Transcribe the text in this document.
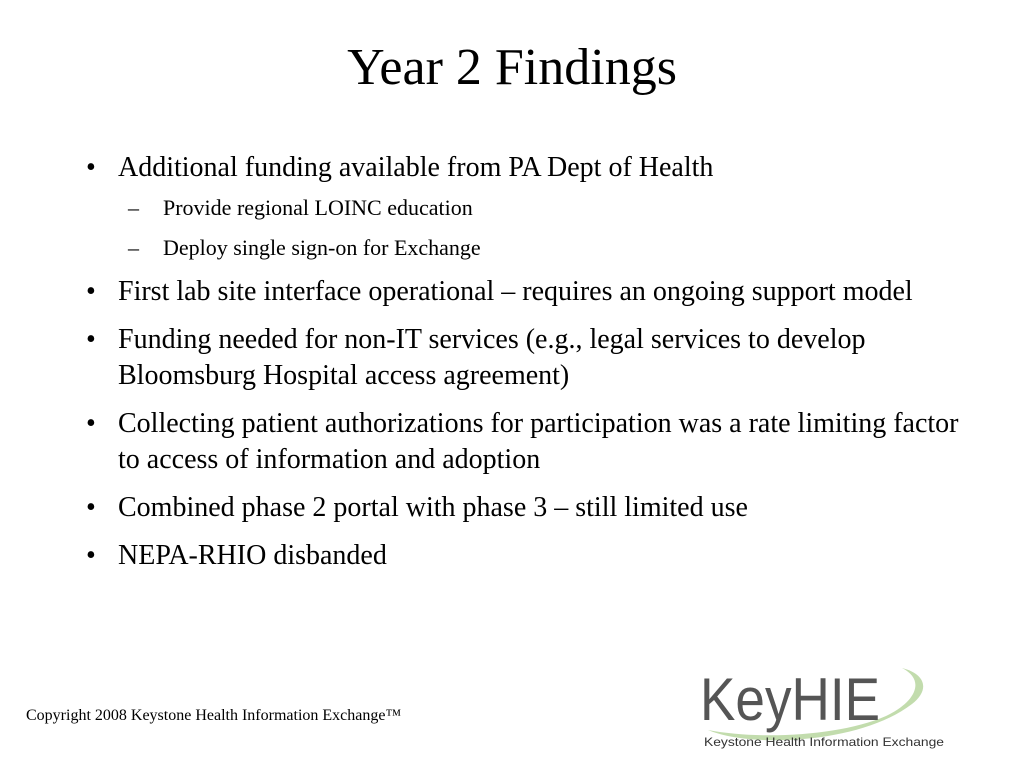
Year 2 Findings
• Additional funding available from PA Dept of Health
– Provide regional LOINC education
– Deploy single sign-on for Exchange
• First lab site interface operational – requires an ongoing support model
• Funding needed for non-IT services (e.g., legal services to develop Bloomsburg Hospital access agreement)
• Collecting patient authorizations for participation was a rate limiting factor to access of information and adoption
• Combined phase 2 portal with phase 3 – still limited use
• NEPA-RHIO disbanded
Copyright 2008 Keystone Health Information Exchange™	KeyHIE
Keystone Health Information Exchange
